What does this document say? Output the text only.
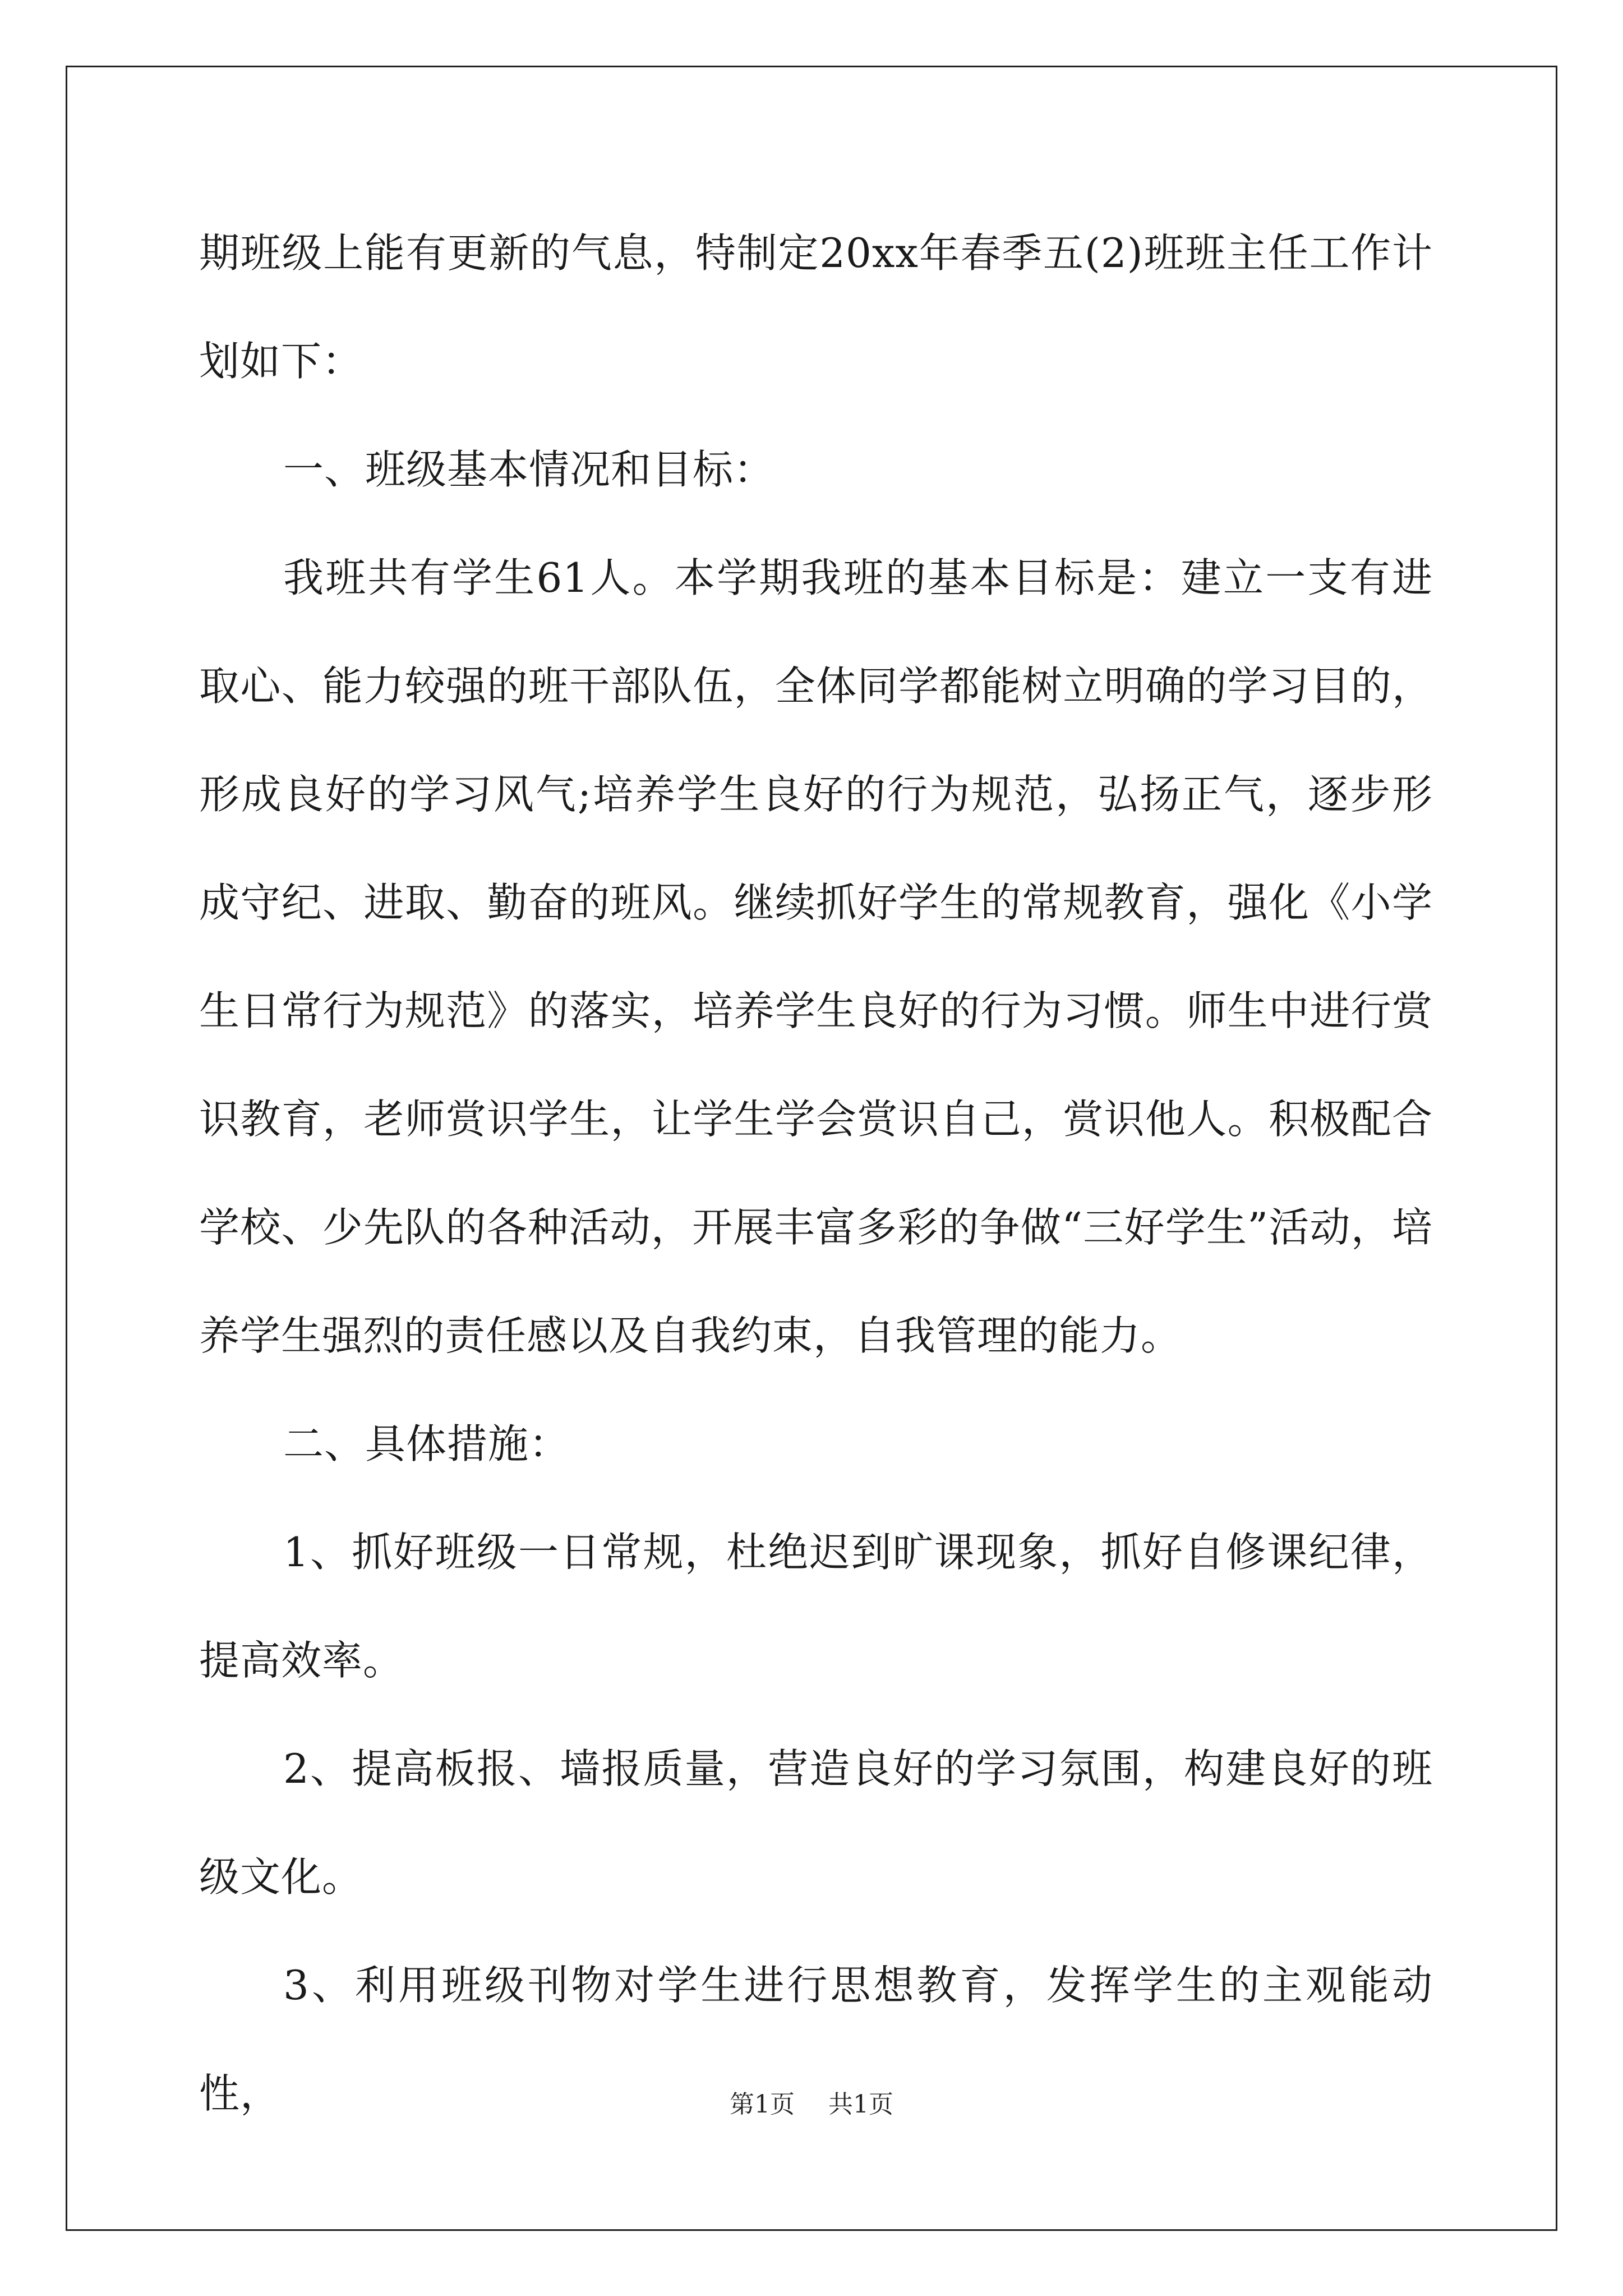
期班级上能有更新的气息，特制定20xx年春季五(2)班班主任工作计划如下：

一、班级基本情况和目标：

我班共有学生61人。本学期我班的基本目标是：建立一支有进取心、能力较强的班干部队伍，全体同学都能树立明确的学习目的，形成良好的学习风气;培养学生良好的行为规范，弘扬正气，逐步形成守纪、进取、勤奋的班风。继续抓好学生的常规教育，强化《小学生日常行为规范》的落实，培养学生良好的行为习惯。师生中进行赏识教育，老师赏识学生，让学生学会赏识自己，赏识他人。积极配合学校、少先队的各种活动，开展丰富多彩的争做“三好学生”活动，培养学生强烈的责任感以及自我约束，自我管理的能力。

二、具体措施：

1、抓好班级一日常规，杜绝迟到旷课现象，抓好自修课纪律，提高效率。

2、提高板报、墙报质量，营造良好的学习氛围，构建良好的班级文化。

3、利用班级刊物对学生进行思想教育，发挥学生的主观能动性，	第1页 共1页
